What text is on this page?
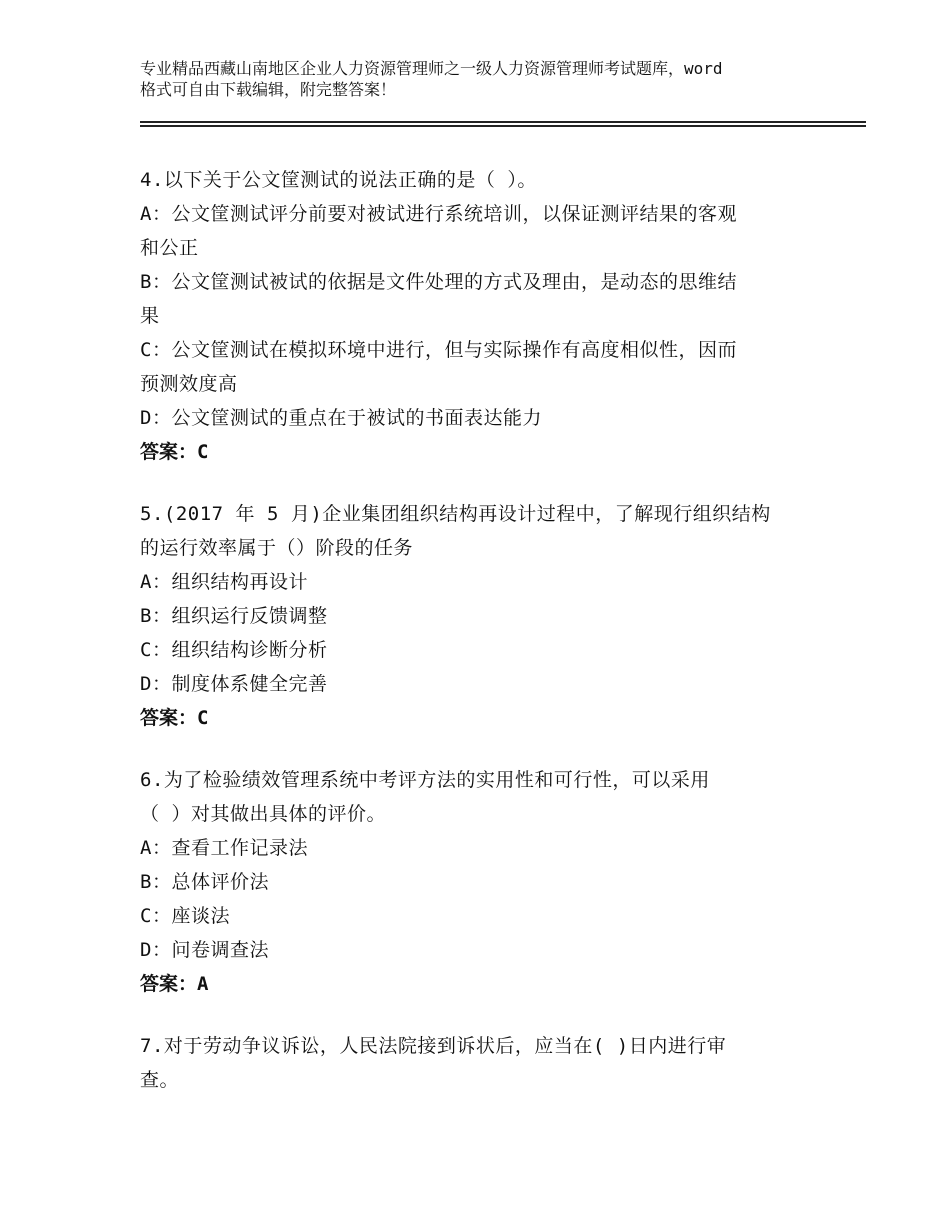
专业精品西藏山南地区企业人力资源管理师之一级人力资源管理师考试题库，word
格式可自由下载编辑，附完整答案！
4.以下关于公文筐测试的说法正确的是（ ）。
A：公文筐测试评分前要对被试进行系统培训，以保证测评结果的客观
和公正
B：公文筐测试被试的依据是文件处理的方式及理由，是动态的思维结
果
C：公文筐测试在模拟环境中进行，但与实际操作有高度相似性，因而
预测效度高
D：公文筐测试的重点在于被试的书面表达能力
答案：C
5.(2017 年 5 月)企业集团组织结构再设计过程中，了解现行组织结构
的运行效率属于（）阶段的任务
A：组织结构再设计
B：组织运行反馈调整
C：组织结构诊断分析
D：制度体系健全完善
答案：C
6.为了检验绩效管理系统中考评方法的实用性和可行性，可以采用
（ ）对其做出具体的评价。
A：查看工作记录法
B：总体评价法
C：座谈法
D：问卷调查法
答案：A
7.对于劳动争议诉讼，人民法院接到诉状后，应当在( )日内进行审
查。
